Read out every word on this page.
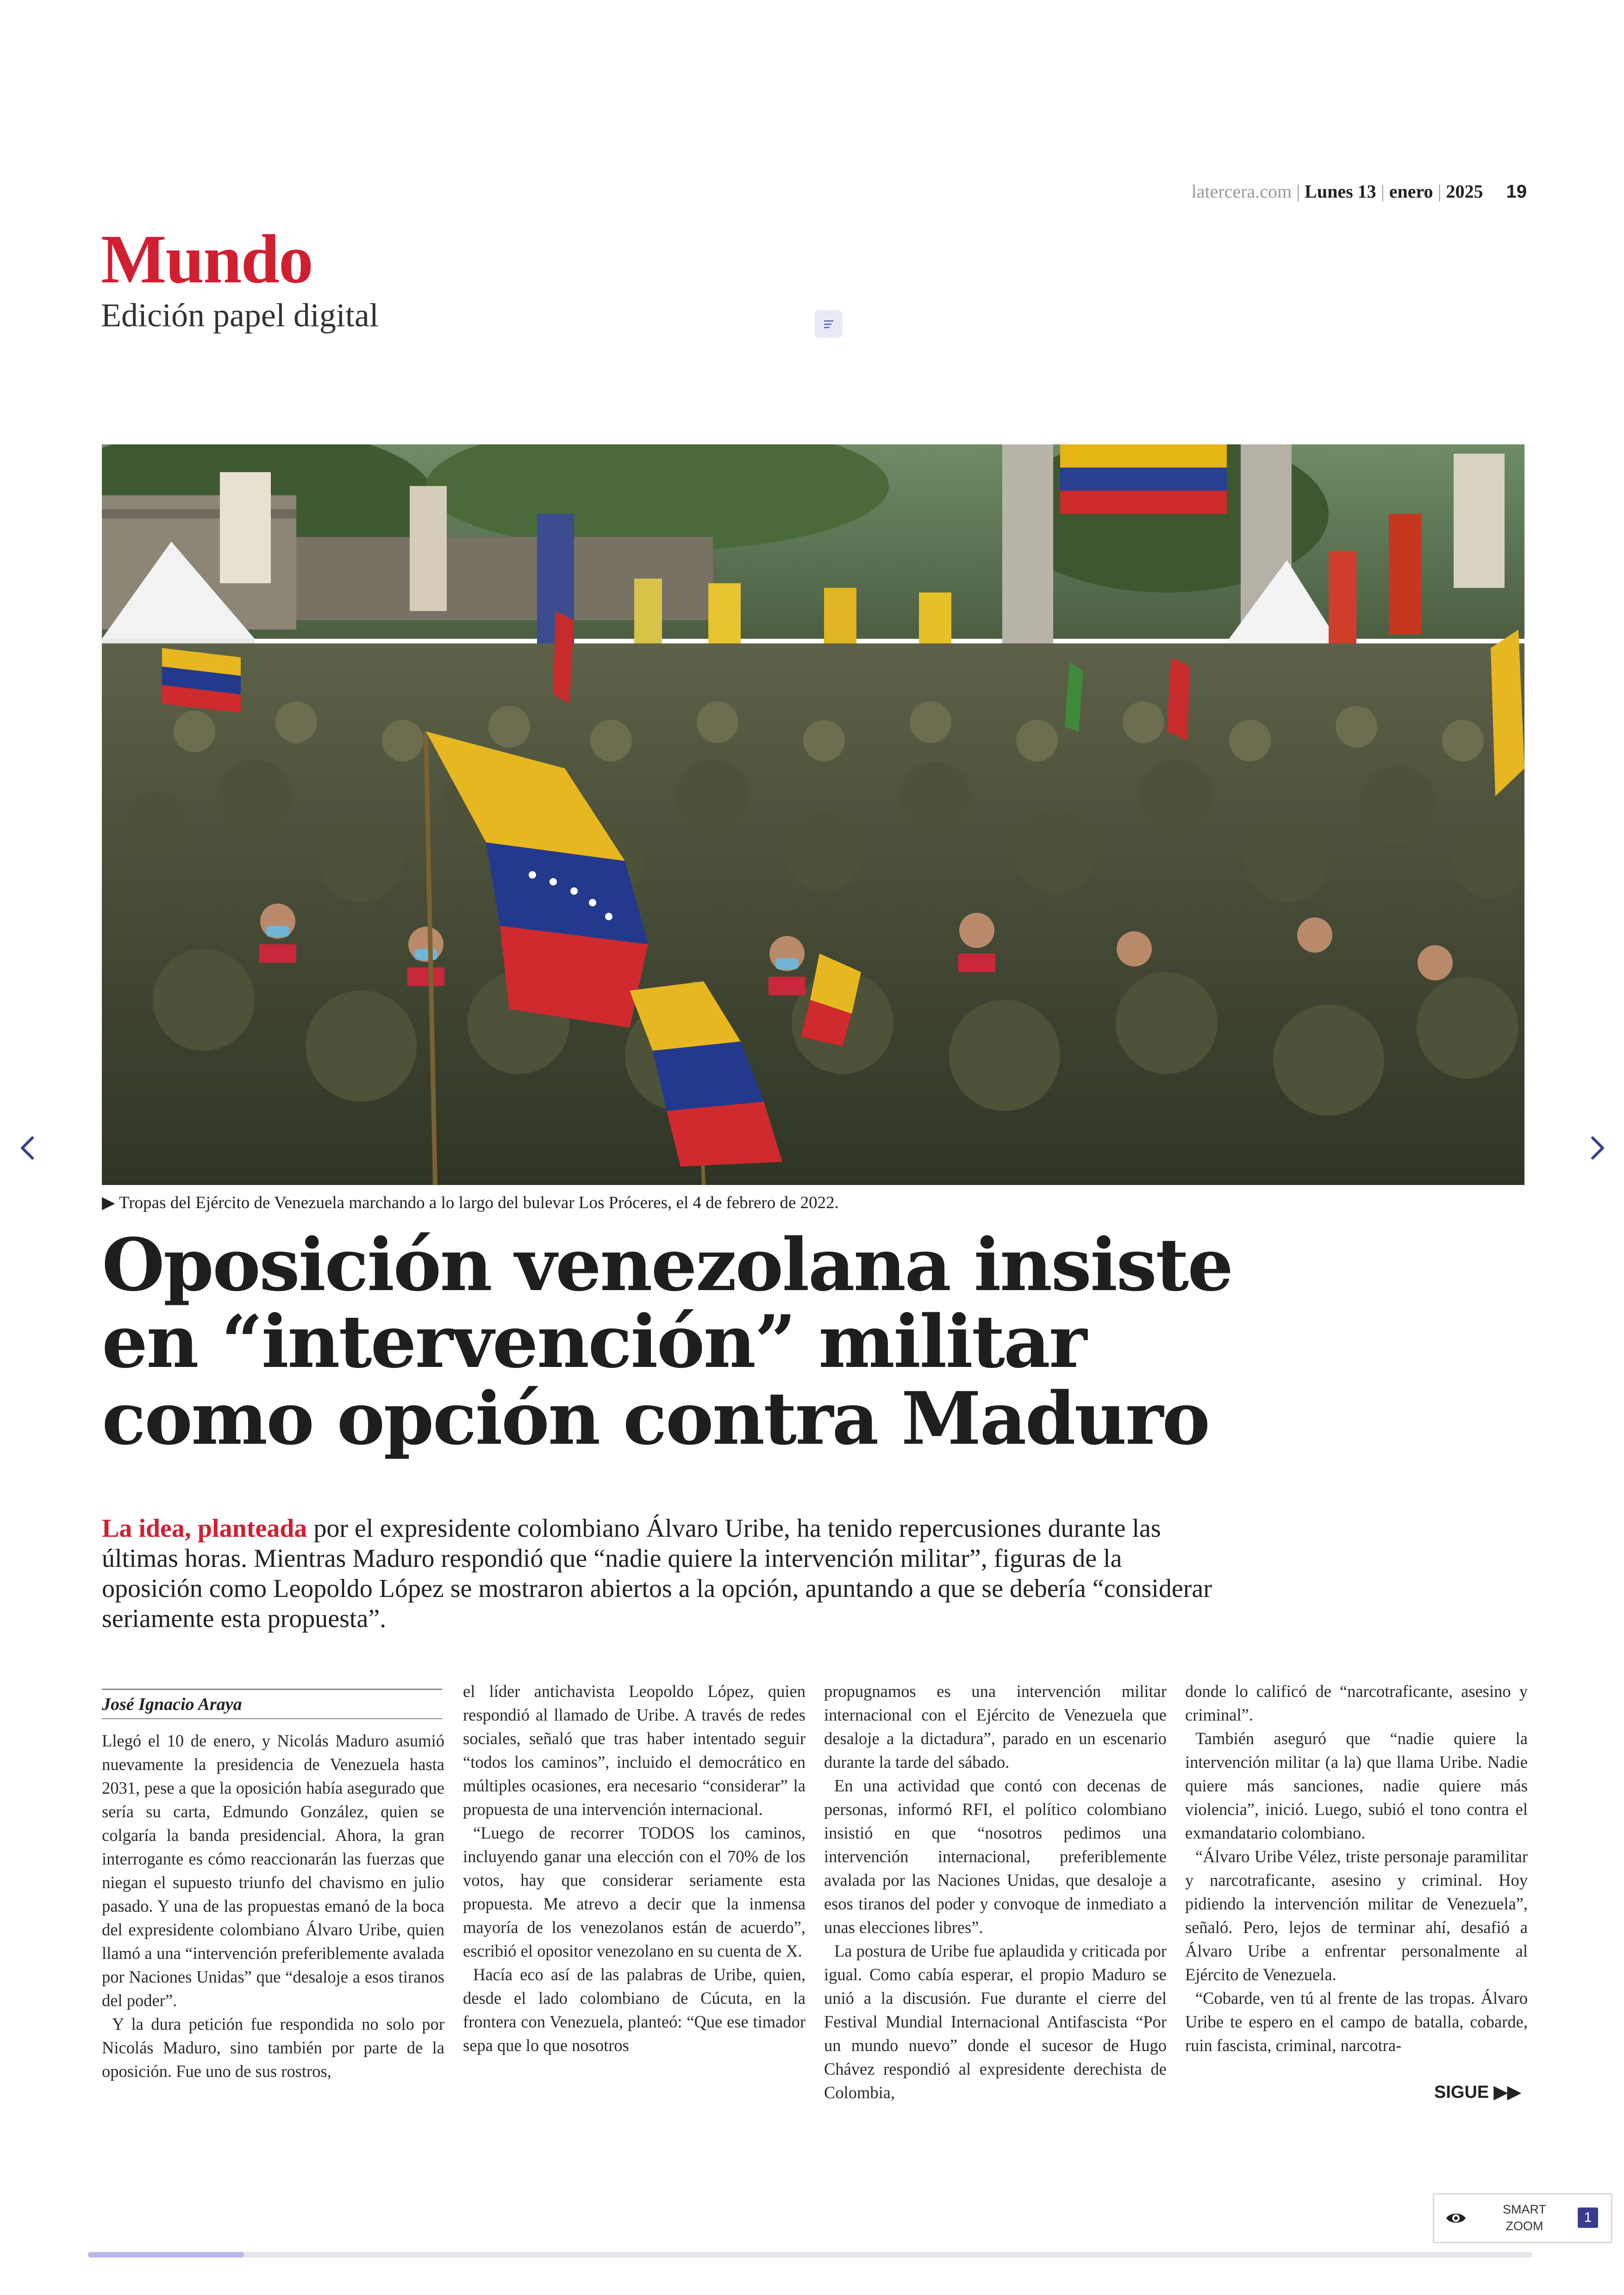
latercera.com | Lunes 13 | enero | 2025 19
Mundo
Edición papel digital
▶ Tropas del Ejército de Venezuela marchando a lo largo del bulevar Los Próceres, el 4 de febrero de 2022.
Oposición venezolana insiste
en “intervención” militar
como opción contra Maduro
La idea, planteada por el expresidente colombiano Álvaro Uribe, ha tenido repercusiones durante las últimas horas. Mientras Maduro respondió que “nadie quiere la intervención militar”, figuras de la oposición como Leopoldo López se mostraron abiertos a la opción, apuntando a que se debería “considerar seriamente esta propuesta”.
José Ignacio Araya

Llegó el 10 de enero, y Nicolás Maduro asumió nuevamente la presidencia de Venezuela hasta 2031, pese a que la oposición había asegurado que sería su carta, Edmundo González, quien se colgaría la banda presidencial. Ahora, la gran interrogante es cómo reaccionarán las fuerzas que niegan el supuesto triunfo del chavismo en julio pasado. Y una de las propuestas emanó de la boca del expresidente colombiano Álvaro Uribe, quien llamó a una “intervención preferiblemente avalada por Naciones Unidas” que “desaloje a esos tiranos del poder”.

Y la dura petición fue respondida no solo por Nicolás Maduro, sino también por parte de la oposición. Fue uno de sus rostros,

el líder antichavista Leopoldo López, quien respondió al llamado de Uribe. A través de redes sociales, señaló que tras haber intentado seguir “todos los caminos”, incluido el democrático en múltiples ocasiones, era necesario “considerar” la propuesta de una intervención internacional.

“Luego de recorrer TODOS los caminos, incluyendo ganar una elección con el 70% de los votos, hay que considerar seriamente esta propuesta. Me atrevo a decir que la inmensa mayoría de los venezolanos están de acuerdo”, escribió el opositor venezolano en su cuenta de X.

Hacía eco así de las palabras de Uribe, quien, desde el lado colombiano de Cúcuta, en la frontera con Venezuela, planteó: “Que ese timador sepa que lo que nosotros

propugnamos es una intervención militar internacional con el Ejército de Venezuela que desaloje a la dictadura”, parado en un escenario durante la tarde del sábado.

En una actividad que contó con decenas de personas, informó RFI, el político colombiano insistió en que “nosotros pedimos una intervención internacional, preferiblemente avalada por las Naciones Unidas, que desaloje a esos tiranos del poder y convoque de inmediato a unas elecciones libres”.

La postura de Uribe fue aplaudida y criticada por igual. Como cabía esperar, el propio Maduro se unió a la discusión. Fue durante el cierre del Festival Mundial Internacional Antifascista “Por un mundo nuevo” donde el sucesor de Hugo Chávez respondió al expresidente derechista de Colombia,

donde lo calificó de “narcotraficante, asesino y criminal”.

También aseguró que “nadie quiere la intervención militar (a la) que llama Uribe. Nadie quiere más sanciones, nadie quiere más violencia”, inició. Luego, subió el tono contra el exmandatario colombiano.

“Álvaro Uribe Vélez, triste personaje paramilitar y narcotraficante, asesino y criminal. Hoy pidiendo la intervención militar de Venezuela”, señaló. Pero, lejos de terminar ahí, desafió a Álvaro Uribe a enfrentar personalmente al Ejército de Venezuela.

“Cobarde, ven tú al frente de las tropas. Álvaro Uribe te espero en el campo de batalla, cobarde, ruin fascista, criminal, narcotra-

SIGUE ▶▶
SMART
ZOOM
1
